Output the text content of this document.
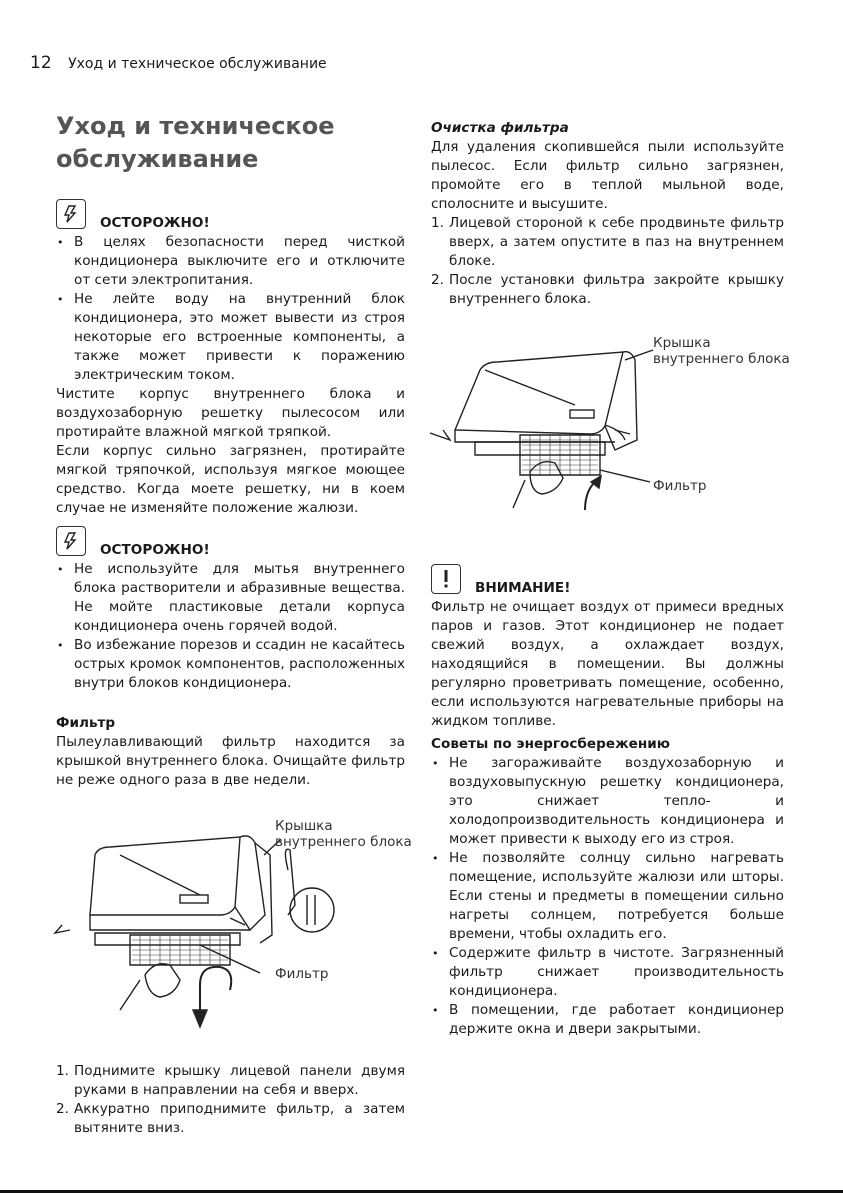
12 Уход и техническое обслуживание
Уход и техническое
обслуживание
ОСТОРОЖНО!
• В целях безопасности перед чисткой кондиционера выключите его и отключите от сети электропитания.
• Не лейте воду на внутренний блок кондиционера, это может вывести из строя некоторые его встроенные компоненты, а также может привести к поражению электрическим током.

Чистите корпус внутреннего блока и воздухозаборную решетку пылесосом или протирайте влажной мягкой тряпкой.

Если корпус сильно загрязнен, протирайте мягкой тряпочкой, используя мягкое моющее средство. Когда моете решетку, ни в коем случае не изменяйте положение жалюзи.

ОСТОРОЖНО!
• Не используйте для мытья внутреннего блока растворители и абразивные вещества. Не мойте пластиковые детали корпуса кондиционера очень горячей водой.
• Во избежание порезов и ссадин не касайтесь острых кромок компонентов, расположенных внутри блоков кондиционера.

Фильтр

Пылеулавливающий фильтр находится за крышкой внутреннего блока. Очищайте фильтр не реже одного раза в две недели.

Крышка
внутреннего блока
Фильтр
1. Поднимите крышку лицевой панели двумя руками в направлении на себя и вверх.
2. Аккуратно приподнимите фильтр, а затем вытяните вниз.

Очистка фильтра

Для удаления скопившейся пыли используйте пылесос. Если фильтр сильно загрязнен, промойте его в теплой мыльной воде, сполосните и высушите.

1. Лицевой стороной к себе продвиньте фильтр вверх, а затем опустите в паз на внутреннем блоке.
2. После установки фильтра закройте крышку внутреннего блока.
Крышка
внутреннего блока
Фильтр
ВНИМАНИЕ!

Фильтр не очищает воздух от примеси вредных паров и газов. Этот кондиционер не подает свежий воздух, а охлаждает воздух, находящийся в помещении. Вы должны регулярно проветривать помещение, особенно, если используются нагревательные приборы на жидком топливе.

Советы по энергосбережению

• Не загораживайте воздухозаборную и воздуховыпускную решетку кондиционера, это снижает тепло- и холодопроизводительность кондиционера и может привести к выходу его из строя.
• Не позволяйте солнцу сильно нагревать помещение, используйте жалюзи или шторы. Если стены и предметы в помещении сильно нагреты солнцем, потребуется больше времени, чтобы охладить его.
• Содержите фильтр в чистоте. Загрязненный фильтр снижает производительность кондиционера.
• В помещении, где работает кондиционер держите окна и двери закрытыми.
